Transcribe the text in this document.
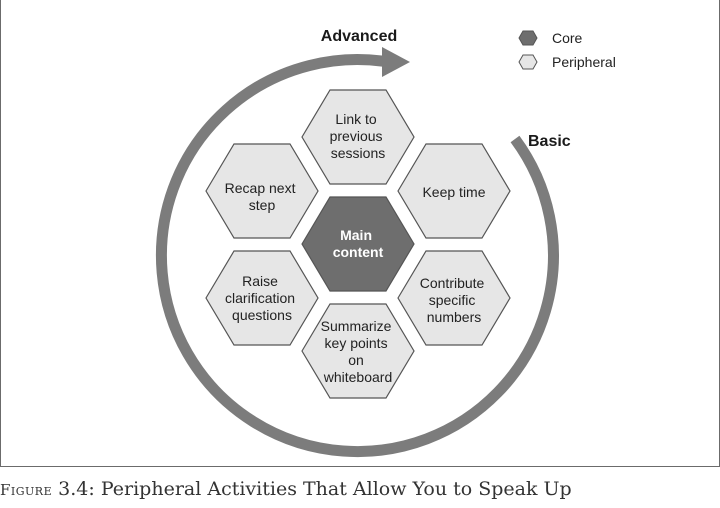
Main content
Link to previous sessions
Keep time
Contribute specific numbers
Summarize key points on whiteboard
Raise clarification questions
Recap next step
Advanced
Basic
Core
Peripheral
Figure 3.4: Peripheral Activities That Allow You to Speak Up
